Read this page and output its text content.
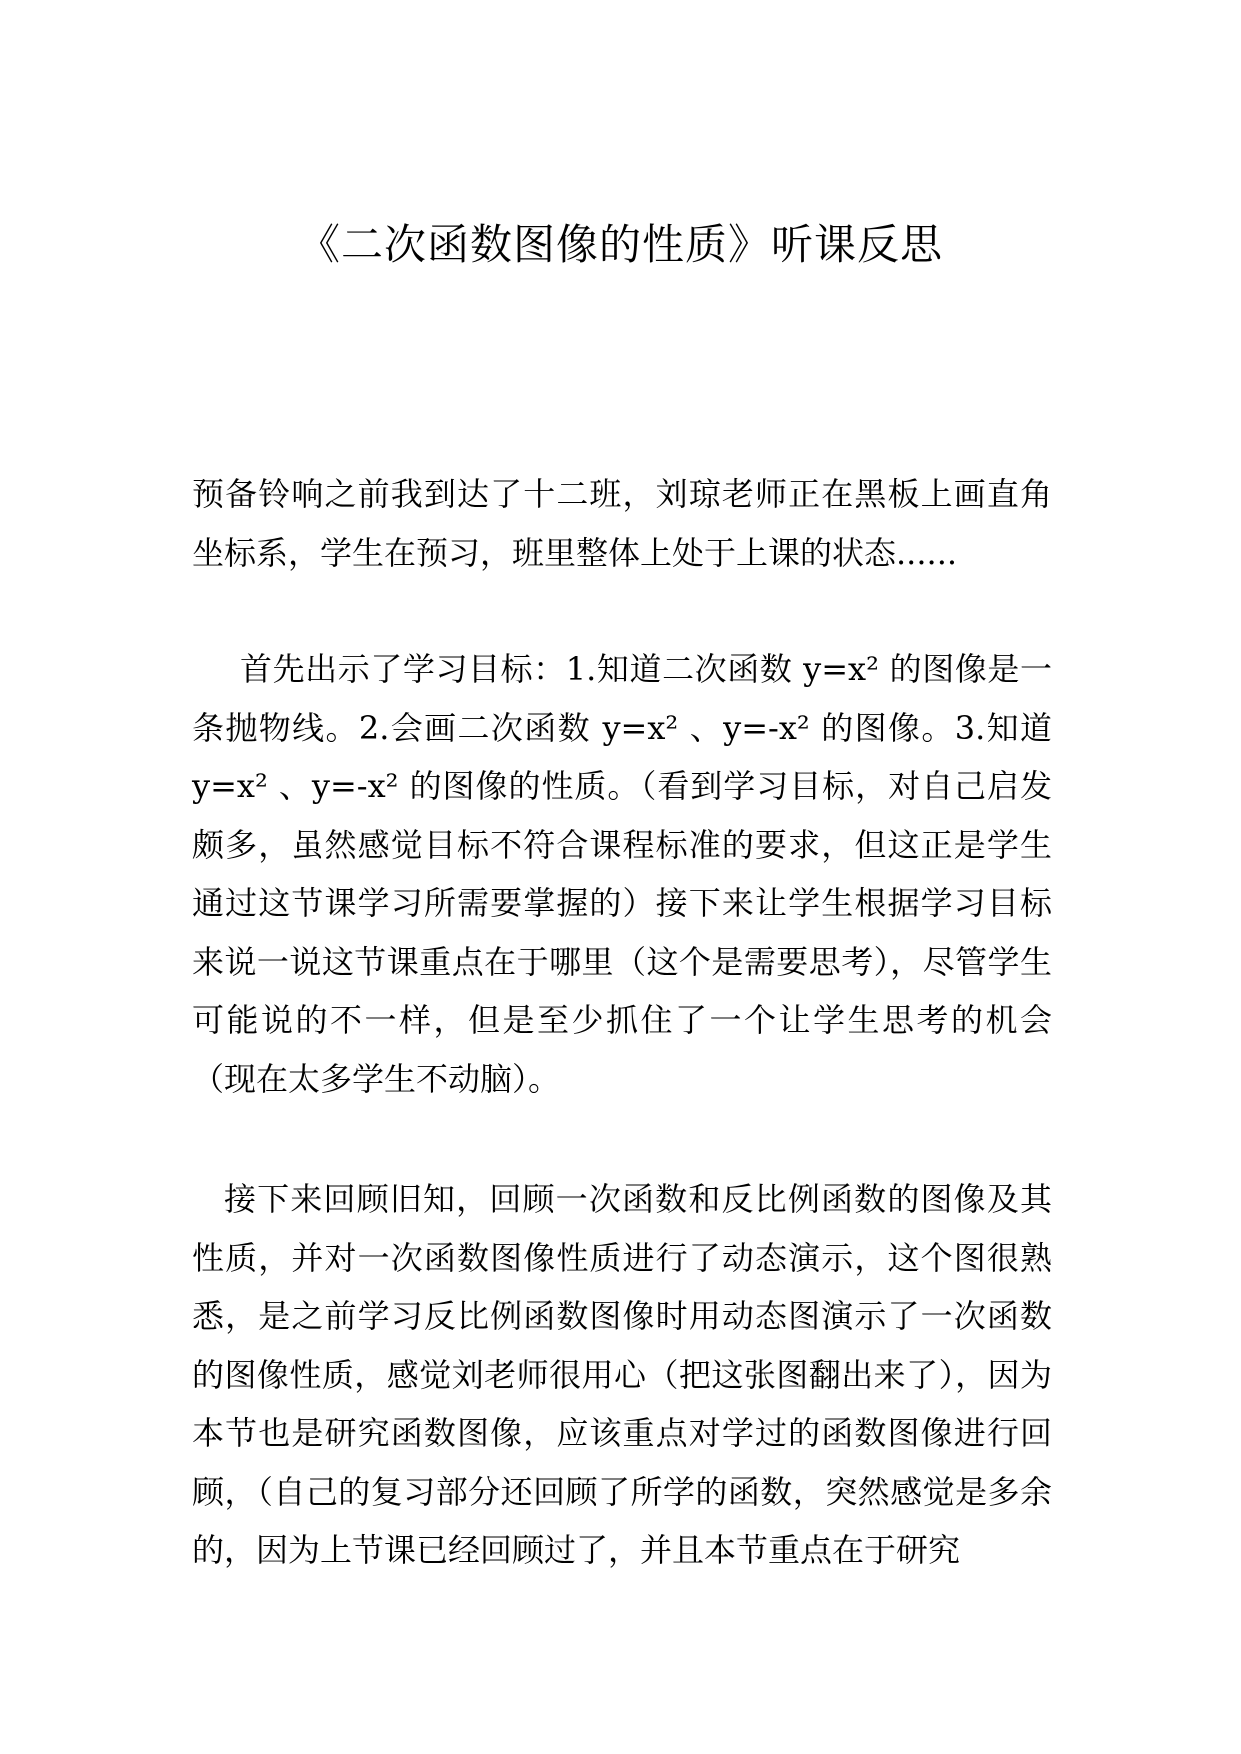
《二次函数图像的性质》听课反思

预备铃响之前我到达了十二班，刘琼老师正在黑板上画直角坐标系，学生在预习，班里整体上处于上课的状态......

首先出示了学习目标：1.知道二次函数 y=x² 的图像是一条抛物线。2.会画二次函数 y=x² 、y=-x² 的图像。3.知道 y=x² 、y=-x² 的图像的性质。（看到学习目标，对自己启发颇多，虽然感觉目标不符合课程标准的要求，但这正是学生通过这节课学习所需要掌握的）接下来让学生根据学习目标来说一说这节课重点在于哪里（这个是需要思考），尽管学生可能说的不一样，但是至少抓住了一个让学生思考的机会（现在太多学生不动脑）。

接下来回顾旧知，回顾一次函数和反比例函数的图像及其性质，并对一次函数图像性质进行了动态演示，这个图很熟悉，是之前学习反比例函数图像时用动态图演示了一次函数的图像性质，感觉刘老师很用心（把这张图翻出来了），因为本节也是研究函数图像，应该重点对学过的函数图像进行回顾，（自己的复习部分还回顾了所学的函数，突然感觉是多余的，因为上节课已经回顾过了，并且本节重点在于研究
